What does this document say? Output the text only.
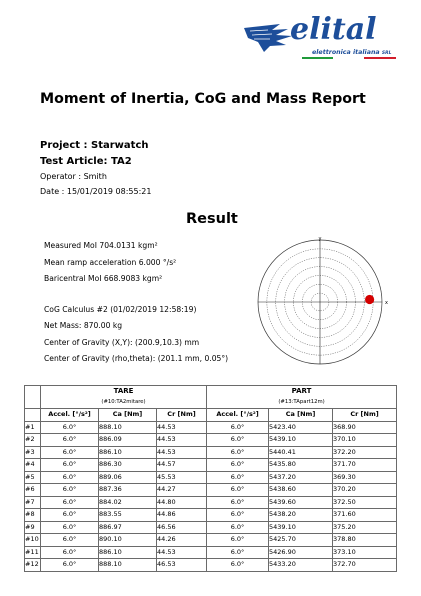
elital
elettronica italiana SRL
Moment of Inertia, CoG and Mass Report
Project : Starwatch
Test Article: TA2
Operator : Smith
Date : 15/01/2019 08:55:21
Result
Measured MoI 704.0131 kgm²
Mean ramp acceleration 6.000 °/s²
Baricentral MoI 668.9083 kgm²
CoG Calculus #2 (01/02/2019 12:58:19)
Net Mass: 870.00 kg
Center of Gravity (X,Y): (200.9,10.3) mm
Center of Gravity (rho,theta): (201.1 mm, 0.05°)
y
x

	TARE
(#10:TA2mitare)			PART
(#13:TApart12m)		

	Accel. [°/s²]	Ca [Nm]	Cr [Nm]	Accel. [°/s²]	Ca [Nm]	Cr [Nm]
#1	6.0°	888.10	44.53	6.0°	5423.40	368.90
#2	6.0°	886.09	44.53	6.0°	5439.10	370.10
#3	6.0°	886.10	44.53	6.0°	5440.41	372.20
#4	6.0°	886.30	44.57	6.0°	5435.80	371.70
#5	6.0°	889.06	45.53	6.0°	5437.20	369.30
#6	6.0°	887.36	44.27	6.0°	5438.60	370.20
#7	6.0°	884.02	44.80	6.0°	5439.60	372.50
#8	6.0°	883.55	44.86	6.0°	5438.20	371.60
#9	6.0°	886.97	46.56	6.0°	5439.10	375.20
#10	6.0°	890.10	44.26	6.0°	5425.70	378.80
#11	6.0°	886.10	44.53	6.0°	5426.90	373.10
#12	6.0°	888.10	46.53	6.0°	5433.20	372.70
